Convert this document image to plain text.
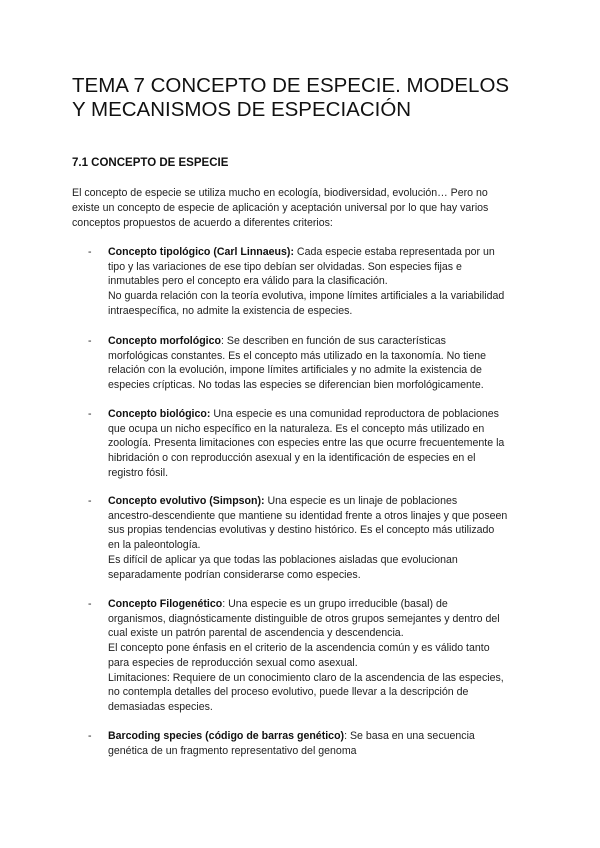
TEMA 7 CONCEPTO DE ESPECIE. MODELOS
Y MECANISMOS DE ESPECIACIÓN
7.1 CONCEPTO DE ESPECIE

El concepto de especie se utiliza mucho en ecología, biodiversidad, evolución… Pero no
existe un concepto de especie de aplicación y aceptación universal por lo que hay varios
conceptos propuestos de acuerdo a diferentes criterios:

- Concepto tipológico (Carl Linnaeus): Cada especie estaba representada por un
tipo y las variaciones de ese tipo debían ser olvidadas. Son especies fijas e
inmutables pero el concepto era válido para la clasificación.
No guarda relación con la teoría evolutiva, impone límites artificiales a la variabilidad
intraespecífica, no admite la existencia de especies.
- Concepto morfológico: Se describen en función de sus características
morfológicas constantes. Es el concepto más utilizado en la taxonomía. No tiene
relación con la evolución, impone límites artificiales y no admite la existencia de
especies crípticas. No todas las especies se diferencian bien morfológicamente.
- Concepto biológico: Una especie es una comunidad reproductora de poblaciones
que ocupa un nicho específico en la naturaleza. Es el concepto más utilizado en
zoología. Presenta limitaciones con especies entre las que ocurre frecuentemente la
hibridación o con reproducción asexual y en la identificación de especies en el
registro fósil.
- Concepto evolutivo (Simpson): Una especie es un linaje de poblaciones
ancestro-descendiente que mantiene su identidad frente a otros linajes y que poseen
sus propias tendencias evolutivas y destino histórico. Es el concepto más utilizado
en la paleontología.
Es difícil de aplicar ya que todas las poblaciones aisladas que evolucionan
separadamente podrían considerarse como especies.
- Concepto Filogenético: Una especie es un grupo irreducible (basal) de
organismos, diagnósticamente distinguible de otros grupos semejantes y dentro del
cual existe un patrón parental de ascendencia y descendencia.
El concepto pone énfasis en el criterio de la ascendencia común y es válido tanto
para especies de reproducción sexual como asexual.
Limitaciones: Requiere de un conocimiento claro de la ascendencia de las especies,
no contempla detalles del proceso evolutivo, puede llevar a la descripción de
demasiadas especies.
- Barcoding species (código de barras genético): Se basa en una secuencia
genética de un fragmento representativo del genoma
